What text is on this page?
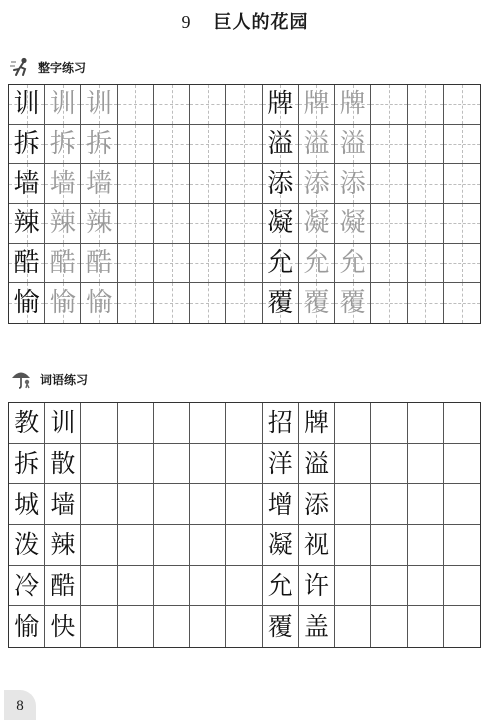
9 巨人的花园
整字练习
训 训 训	牌 牌 牌
拆 拆 拆	溢 溢 溢
墙 墙 墙	添 添 添
辣 辣 辣	凝 凝 凝
酷 酷 酷	允 允 允
愉 愉 愉	覆 覆 覆
词语练习
教 训	招 牌
拆 散	洋 溢
城 墙	增 添
泼 辣	凝 视
冷 酷	允 许
愉 快	覆 盖
8
